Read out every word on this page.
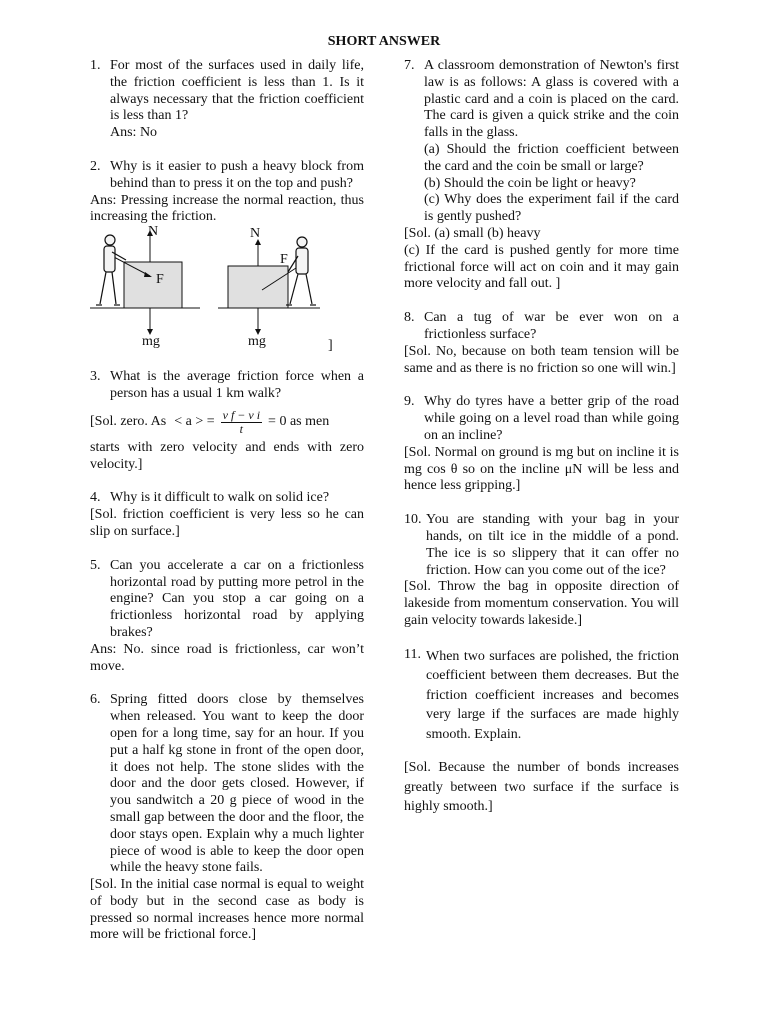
SHORT ANSWER
1. For most of the surfaces used in daily life, the friction coefficient is less than 1. Is it always necessary that the friction coefficient is less than 1?
Ans: No
2. Why is it easier to push a heavy block from behind than to press it on the top and push?
Ans: Pressing increase the normal reaction, thus increasing the friction.
N	N
F
F
mg	mg	]
3. What is the average friction force when a person has a usual 1 km walk?
[Sol. zero. As < a > = $\frac{\text{v f − v i}}{t} = 0$ as men
starts with zero velocity and ends with zero velocity.]
4. Why is it difficult to walk on solid ice?
[Sol. friction coefficient is very less so he can slip on surface.]
5. Can you accelerate a car on a frictionless horizontal road by putting more petrol in the engine? Can you stop a car going on a frictionless horizontal road by applying brakes?
Ans: No. since road is frictionless, car won’t move.
6. Spring fitted doors close by themselves when released. You want to keep the door open for a long time, say for an hour. If you put a half kg stone in front of the open door, it does not help. The stone slides with the door and the door gets closed. However, if you sandwitch a 20 g piece of wood in the small gap between the door and the floor, the door stays open. Explain why a much lighter piece of wood is able to keep the door open while the heavy stone fails.
[Sol. In the initial case normal is equal to weight of body but in the second case as body is pressed so normal increases hence more normal more will be frictional force.]
7. A classroom demonstration of Newton's first law is as follows: A glass is covered with a plastic card and a coin is placed on the card. The card is given a quick strike and the coin falls in the glass.
(a) Should the friction coefficient between the card and the coin be small or large?
(b) Should the coin be light or heavy?
(c) Why does the experiment fail if the card is gently pushed?
[Sol. (a) small (b) heavy
(c) If the card is pushed gently for more time frictional force will act on coin and it may gain more velocity and fall out. ]
8. Can a tug of war be ever won on a frictionless surface?
[Sol. No, because on both team tension will be same and as there is no friction so one will win.]
9. Why do tyres have a better grip of the road while going on a level road than while going on an incline?
[Sol. Normal on ground is mg but on incline it is mg cos θ so on the incline μN will be less and hence less gripping.]
10. You are standing with your bag in your hands, on tilt ice in the middle of a pond. The ice is so slippery that it can offer no friction. How can you come out of the ice?
[Sol. Throw the bag in opposite direction of lakeside from momentum conservation. You will gain velocity towards lakeside.]
11. When two surfaces are polished, the friction coefficient between them decreases. But the friction coefficient increases and becomes very large if the surfaces are made highly smooth. Explain.
[Sol. Because the number of bonds increases greatly between two surface if the surface is highly smooth.]
